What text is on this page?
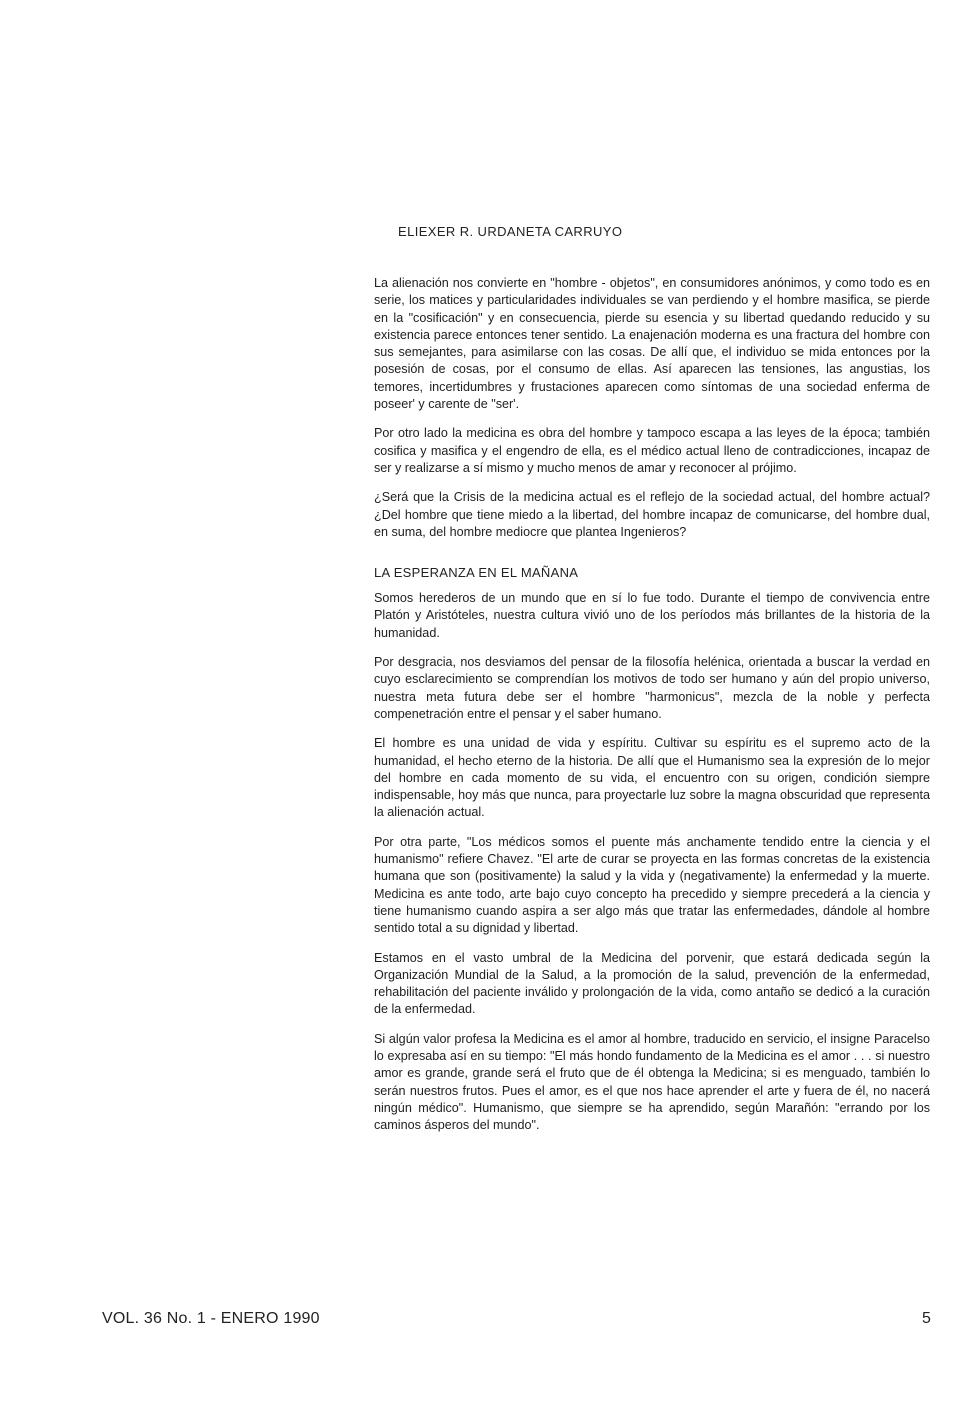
ELIEXER R. URDANETA CARRUYO

La alienación nos convierte en "hombre - objetos", en consumidores anónimos, y como todo es en serie, los matices y particularidades individuales se van perdiendo y el hombre masifica, se pierde en la "cosificación" y en consecuencia, pierde su esencia y su libertad quedando reducido y su existencia parece entonces tener sentido. La enajenación moderna es una fractura del hombre con sus semejantes, para asimilarse con las cosas. De allí que, el individuo se mida entonces por la posesión de cosas, por el consumo de ellas. Así aparecen las tensiones, las angustias, los temores, incertidumbres y frustaciones aparecen como síntomas de una sociedad enferma de poseer' y carente de "ser'.

Por otro lado la medicina es obra del hombre y tampoco escapa a las leyes de la época; también cosifica y masifica y el engendro de ella, es el médico actual lleno de contradicciones, incapaz de ser y realizarse a sí mismo y mucho menos de amar y reconocer al prójimo.

¿Será que la Crisis de la medicina actual es el reflejo de la sociedad actual, del hombre actual? ¿Del hombre que tiene miedo a la libertad, del hombre incapaz de comunicarse, del hombre dual, en suma, del hombre mediocre que plantea Ingenieros?

LA ESPERANZA EN EL MAÑANA

Somos herederos de un mundo que en sí lo fue todo. Durante el tiempo de convivencia entre Platón y Aristóteles, nuestra cultura vivió uno de los períodos más brillantes de la historia de la humanidad.

Por desgracia, nos desviamos del pensar de la filosofía helénica, orientada a buscar la verdad en cuyo esclarecimiento se comprendían los motivos de todo ser humano y aún del propio universo, nuestra meta futura debe ser el hombre "harmonicus", mezcla de la noble y perfecta compenetración entre el pensar y el saber humano.

El hombre es una unidad de vida y espíritu. Cultivar su espíritu es el supremo acto de la humanidad, el hecho eterno de la historia. De allí que el Humanismo sea la expresión de lo mejor del hombre en cada momento de su vida, el encuentro con su origen, condición siempre indispensable, hoy más que nunca, para proyectarle luz sobre la magna obscuridad que representa la alienación actual.

Por otra parte, "Los médicos somos el puente más anchamente tendido entre la ciencia y el humanismo" refiere Chavez. "El arte de curar se proyecta en las formas concretas de la existencia humana que son (positivamente) la salud y la vida y (negativamente) la enfermedad y la muerte. Medicina es ante todo, arte bajo cuyo concepto ha precedido y siempre precederá a la ciencia y tiene humanismo cuando aspira a ser algo más que tratar las enfermedades, dándole al hombre sentido total a su dignidad y libertad.

Estamos en el vasto umbral de la Medicina del porvenir, que estará dedicada según la Organización Mundial de la Salud, a la promoción de la salud, prevención de la enfermedad, rehabilitación del paciente inválido y prolongación de la vida, como antaño se dedicó a la curación de la enfermedad.

Si algún valor profesa la Medicina es el amor al hombre, traducido en servicio, el insigne Paracelso lo expresaba así en su tiempo: "El más hondo fundamento de la Medicina es el amor . . . si nuestro amor es grande, grande será el fruto que de él obtenga la Medicina; si es menguado, también lo serán nuestros frutos. Pues el amor, es el que nos hace aprender el arte y fuera de él, no nacerá ningún médico". Humanismo, que siempre se ha aprendido, según Marañón: "errando por los caminos ásperos del mundo".

VOL. 36 No. 1 - ENERO 1990	5
